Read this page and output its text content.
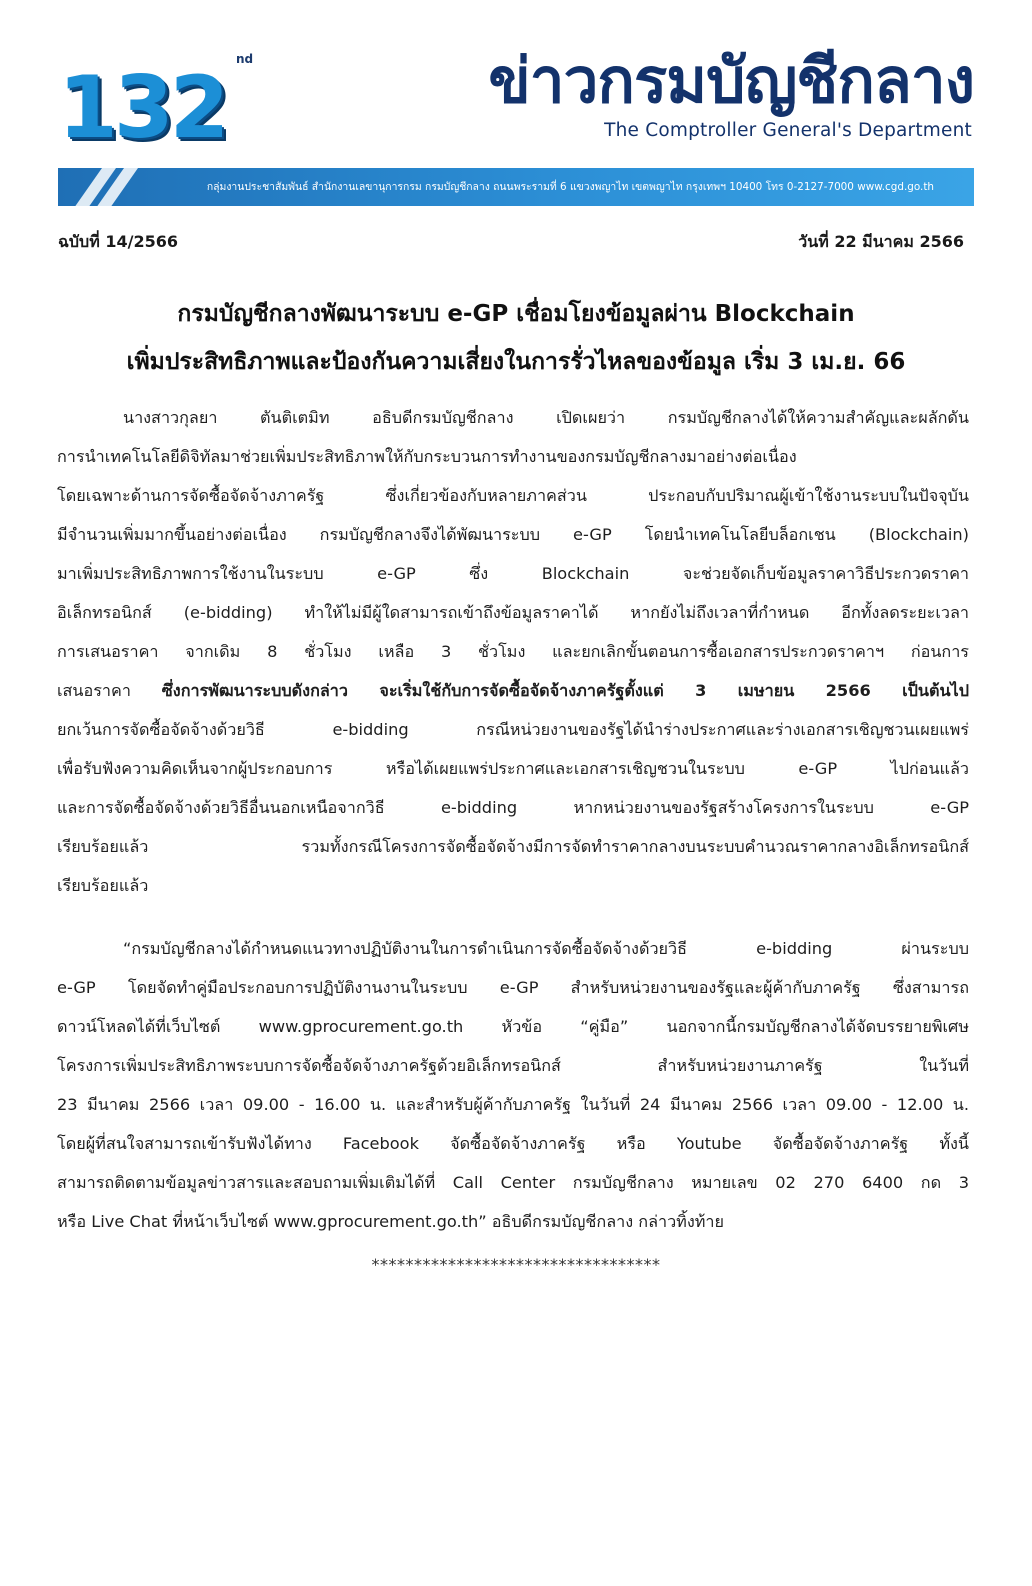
132 nd	ข่าวกรมบัญชีกลาง
The Comptroller General's Department
กลุ่มงานประชาสัมพันธ์ สำนักงานเลขานุการกรม กรมบัญชีกลาง ถนนพระรามที่ 6 แขวงพญาไท เขตพญาไท กรุงเทพฯ 10400 โทร 0-2127-7000 www.cgd.go.th
ฉบับที่ 14/2566	วันที่ 22 มีนาคม 2566
กรมบัญชีกลางพัฒนาระบบ e-GP เชื่อมโยงข้อมูลผ่าน Blockchain
เพิ่มประสิทธิภาพและป้องกันความเสี่ยงในการรั่วไหลของข้อมูล เริ่ม 3 เม.ย. 66
นางสาวกุลยา ตันติเตมิท อธิบดีกรมบัญชีกลาง เปิดเผยว่า กรมบัญชีกลางได้ให้ความสำคัญและผลักดัน
การนำเทคโนโลยีดิจิทัลมาช่วยเพิ่มประสิทธิภาพให้กับกระบวนการทำงานของกรมบัญชีกลางมาอย่างต่อเนื่อง
โดยเฉพาะด้านการจัดซื้อจัดจ้างภาครัฐ ซึ่งเกี่ยวข้องกับหลายภาคส่วน ประกอบกับปริมาณผู้เข้าใช้งานระบบในปัจจุบัน
มีจำนวนเพิ่มมากขึ้นอย่างต่อเนื่อง กรมบัญชีกลางจึงได้พัฒนาระบบ e-GP โดยนำเทคโนโลยีบล็อกเชน (Blockchain)
มาเพิ่มประสิทธิภาพการใช้งานในระบบ e-GP ซึ่ง Blockchain จะช่วยจัดเก็บข้อมูลราคาวิธีประกวดราคา
อิเล็กทรอนิกส์ (e-bidding) ทำให้ไม่มีผู้ใดสามารถเข้าถึงข้อมูลราคาได้ หากยังไม่ถึงเวลาที่กำหนด อีกทั้งลดระยะเวลา
การเสนอราคา จากเดิม 8 ชั่วโมง เหลือ 3 ชั่วโมง และยกเลิกขั้นตอนการซื้อเอกสารประกวดราคาฯ ก่อนการ
เสนอราคา ซึ่งการพัฒนาระบบดังกล่าว จะเริ่มใช้กับการจัดซื้อจัดจ้างภาครัฐตั้งแต่ 3 เมษายน 2566 เป็นต้นไป
ยกเว้นการจัดซื้อจัดจ้างด้วยวิธี e-bidding กรณีหน่วยงานของรัฐได้นำร่างประกาศและร่างเอกสารเชิญชวนเผยแพร่
เพื่อรับฟังความคิดเห็นจากผู้ประกอบการ หรือได้เผยแพร่ประกาศและเอกสารเชิญชวนในระบบ e-GP ไปก่อนแล้ว
และการจัดซื้อจัดจ้างด้วยวิธีอื่นนอกเหนือจากวิธี e-bidding หากหน่วยงานของรัฐสร้างโครงการในระบบ e-GP
เรียบร้อยแล้ว รวมทั้งกรณีโครงการจัดซื้อจัดจ้างมีการจัดทำราคากลางบนระบบคำนวณราคากลางอิเล็กทรอนิกส์
เรียบร้อยแล้ว
“กรมบัญชีกลางได้กำหนดแนวทางปฏิบัติงานในการดำเนินการจัดซื้อจัดจ้างด้วยวิธี e-bidding ผ่านระบบ
e-GP โดยจัดทำคู่มือประกอบการปฏิบัติงานงานในระบบ e-GP สำหรับหน่วยงานของรัฐและผู้ค้ากับภาครัฐ ซึ่งสามารถ
ดาวน์โหลดได้ที่เว็บไซต์ www.gprocurement.go.th หัวข้อ “คู่มือ” นอกจากนี้กรมบัญชีกลางได้จัดบรรยายพิเศษ
โครงการเพิ่มประสิทธิภาพระบบการจัดซื้อจัดจ้างภาครัฐด้วยอิเล็กทรอนิกส์ สำหรับหน่วยงานภาครัฐ ในวันที่
23 มีนาคม 2566 เวลา 09.00 - 16.00 น. และสำหรับผู้ค้ากับภาครัฐ ในวันที่ 24 มีนาคม 2566 เวลา 09.00 - 12.00 น.
โดยผู้ที่สนใจสามารถเข้ารับฟังได้ทาง Facebook จัดซื้อจัดจ้างภาครัฐ หรือ Youtube จัดซื้อจัดจ้างภาครัฐ ทั้งนี้
สามารถติดตามข้อมูลข่าวสารและสอบถามเพิ่มเติมได้ที่ Call Center กรมบัญชีกลาง หมายเลข 02 270 6400 กด 3
หรือ Live Chat ที่หน้าเว็บไซต์ www.gprocurement.go.th” อธิบดีกรมบัญชีกลาง กล่าวทิ้งท้าย
**********************************
